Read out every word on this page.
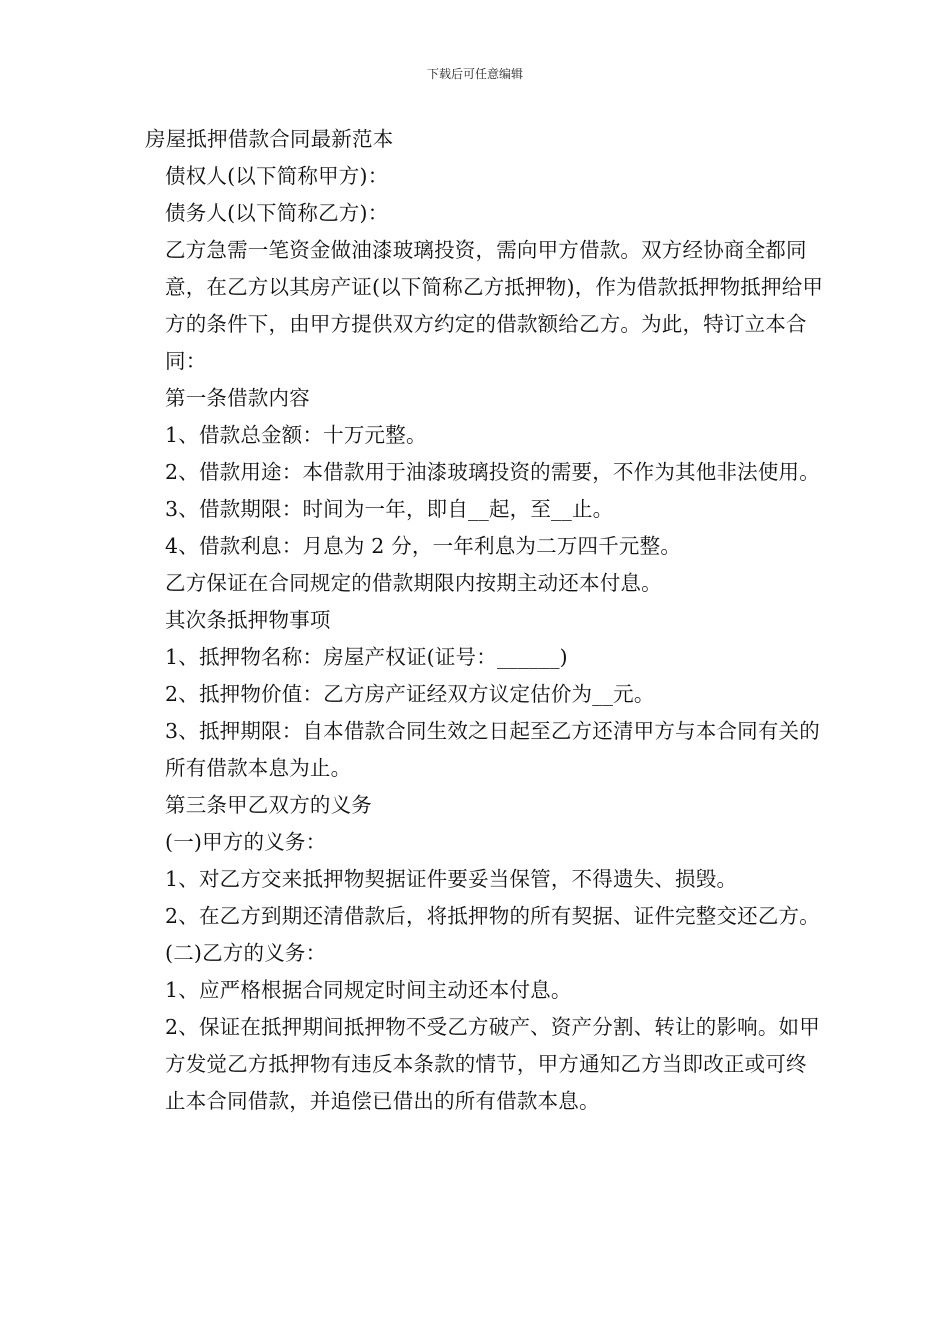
下载后可任意编辑

房屋抵押借款合同最新范本

债权人(以下简称甲方)：

债务人(以下简称乙方)：

乙方急需一笔资金做油漆玻璃投资，需向甲方借款。双方经协商全都同意，在乙方以其房产证(以下简称乙方抵押物)，作为借款抵押物抵押给甲方的条件下，由甲方提供双方约定的借款额给乙方。为此，特订立本合同：

第一条借款内容

1、借款总金额：十万元整。

2、借款用途：本借款用于油漆玻璃投资的需要，不作为其他非法使用。

3、借款期限：时间为一年，即自__起，至__止。

4、借款利息：月息为 2 分，一年利息为二万四千元整。

乙方保证在合同规定的借款期限内按期主动还本付息。

其次条抵押物事项

1、抵押物名称：房屋产权证(证号：______)

2、抵押物价值：乙方房产证经双方议定估价为__元。

3、抵押期限：自本借款合同生效之日起至乙方还清甲方与本合同有关的所有借款本息为止。

第三条甲乙双方的义务

(一)甲方的义务：

1、对乙方交来抵押物契据证件要妥当保管，不得遗失、损毁。

2、在乙方到期还清借款后，将抵押物的所有契据、证件完整交还乙方。

(二)乙方的义务：

1、应严格根据合同规定时间主动还本付息。

2、保证在抵押期间抵押物不受乙方破产、资产分割、转让的影响。如甲方发觉乙方抵押物有违反本条款的情节，甲方通知乙方当即改正或可终止本合同借款，并追偿已借出的所有借款本息。
